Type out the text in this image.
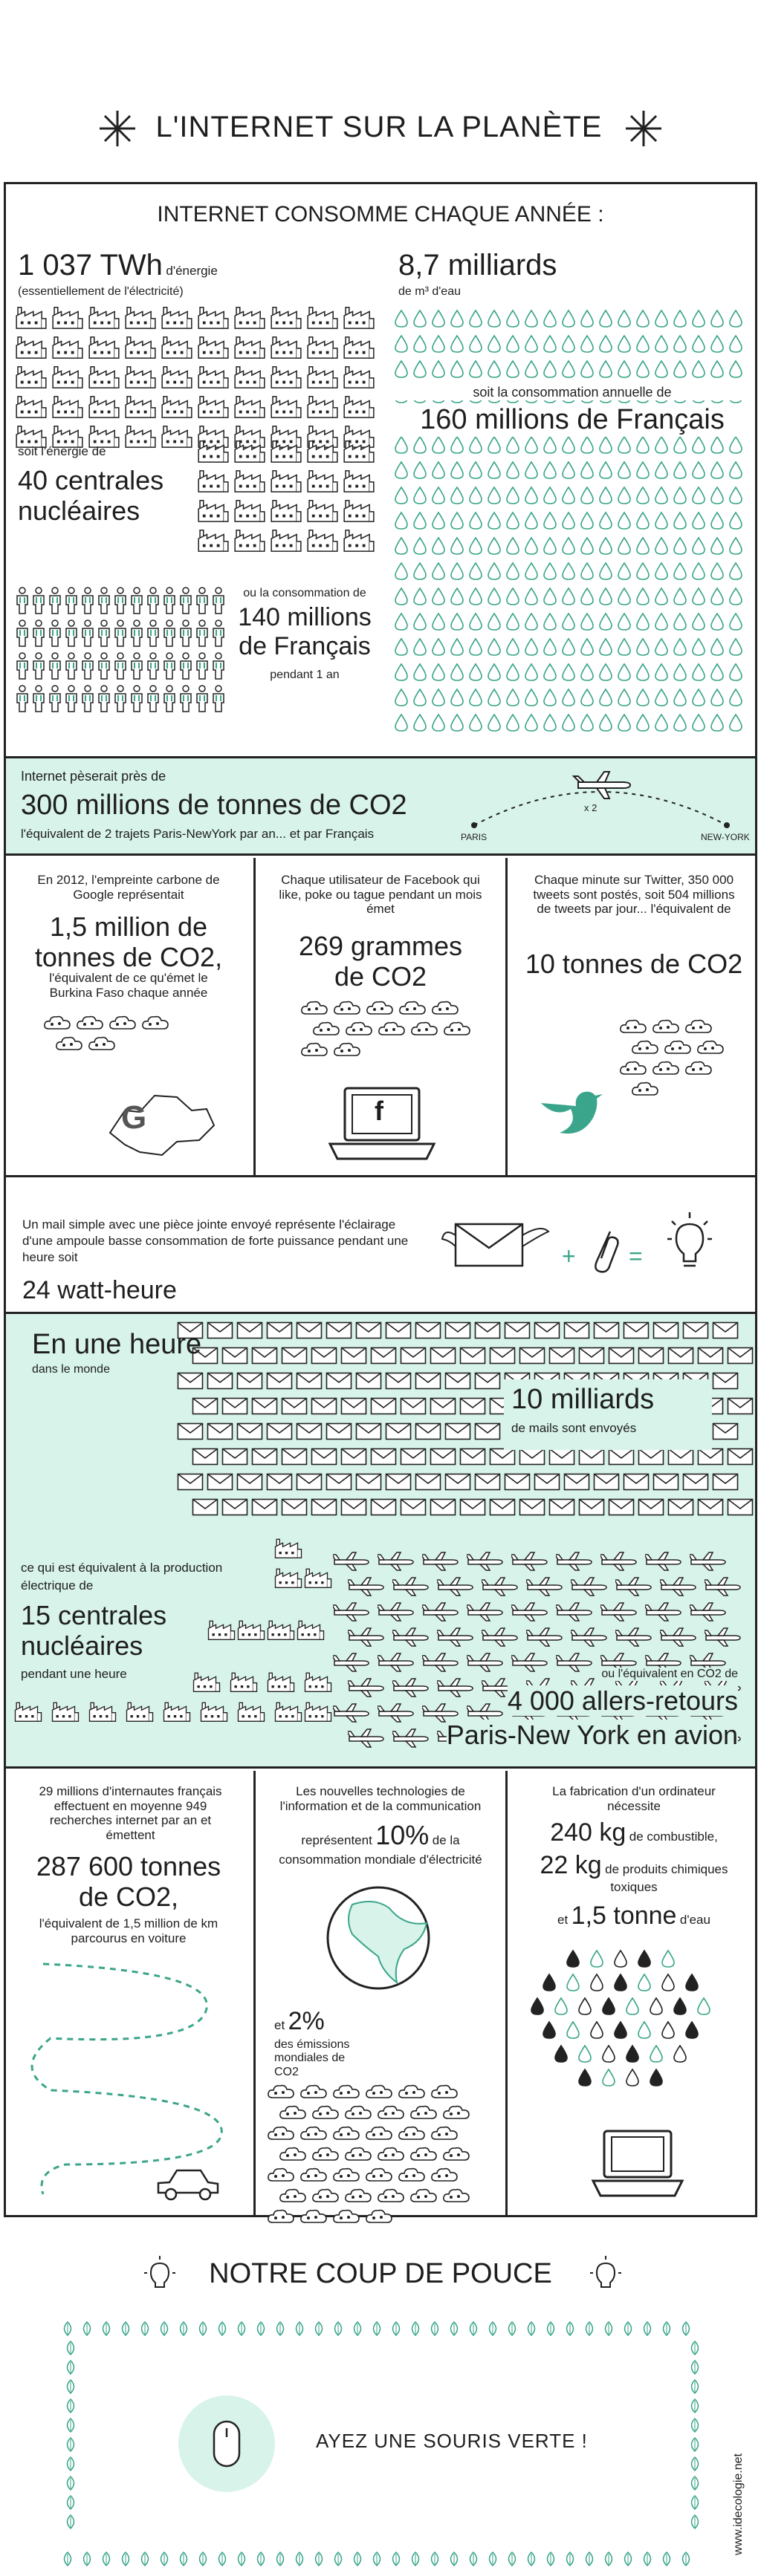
L'INTERNET SUR LA PLANÈTE
INTERNET CONSOMME CHAQUE ANNÉE :
1 037 TWh d'énergie
(essentiellement de l'électricité)
soit l'énergie de
40 centrales nucléaires
ou la consommation de
140 millions de Français
pendant 1 an
8,7 milliards
de m³ d'eau
soit la consommation annuelle de
160 millions de Français
Internet pèserait près de
300 millions de tonnes de CO2
l'équivalent de 2 trajets Paris-NewYork par an... et par Français	PARIS	NEW-YORK
x 2
En 2012, l'empreinte carbone de Google représentait
1,5 million de tonnes de CO2,
l'équivalent de ce qu'émet le Burkina Faso chaque année
G
Chaque utilisateur de Facebook qui like, poke ou tague pendant un mois émet
269 grammes de CO2
f
Chaque minute sur Twitter, 350 000 tweets sont postés, soit 504 millions de tweets par jour... l'équivalent de
10 tonnes de CO2
Un mail simple avec une pièce jointe envoyé représente l'éclairage d'une ampoule basse consommation de forte puissance pendant une heure soit
24 watt-heure
+ =
En une heure
dans le monde
10 milliards
de mails sont envoyés
ce qui est équivalent à la production électrique de
15 centrales nucléaires
pendant une heure	ou l'équivalent en CO2 de
4 000 allers-retours
Paris-New York en avion
29 millions d'internautes français effectuent en moyenne 949 recherches internet par an et émettent
287 600 tonnes de CO2,
l'équivalent de 1,5 million de km parcourus en voiture
Les nouvelles technologies de l'information et de la communication
représentent 10% de la
consommation mondiale d'électricité
et 2%
des émissions mondiales de CO2
La fabrication d'un ordinateur nécessite
240 kg de combustible,
22 kg de produits chimiques toxiques
et 1,5 tonne d'eau
NOTRE COUP DE POUCE
AYEZ UNE SOURIS VERTE !
www.idecologie.net
